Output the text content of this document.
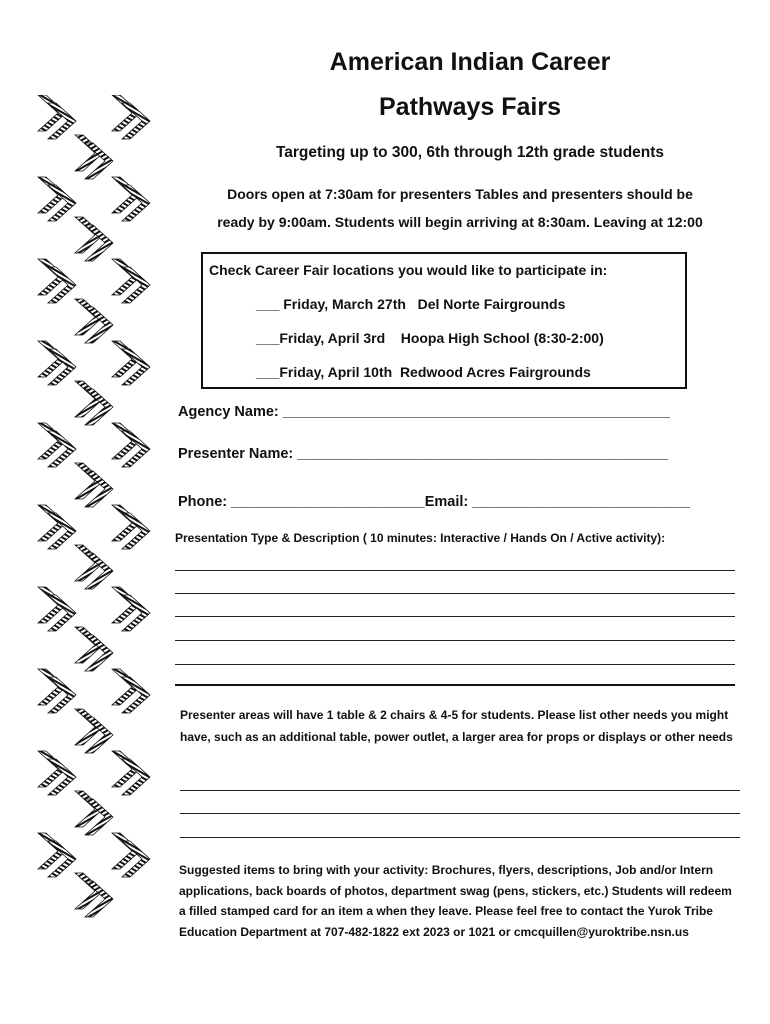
American Indian Career
Pathways Fairs
Targeting up to 300, 6th through 12th grade students
Doors open at 7:30am for presenters Tables and presenters should be
ready by 9:00am. Students will begin arriving at 8:30am. Leaving at 12:00
Check Career Fair locations you would like to participate in:
___ Friday, March 27th   Del Norte Fairgrounds
___Friday, April 3rd    Hoopa High School (8:30-2:00)
___Friday, April 10th  Redwood Acres Fairgrounds
Agency Name: ________________________________________________
Presenter Name: ______________________________________________
Phone: ________________________Email: ___________________________
Presentation Type & Description ( 10 minutes: Interactive / Hands On / Active activity):
Presenter areas will have 1 table & 2 chairs & 4-5 for students. Please list other needs you might have, such as an additional table, power outlet, a larger area for props or displays or other needs
Suggested items to bring with your activity: Brochures, flyers, descriptions, Job and/or Intern applications, back boards of photos, department swag (pens, stickers, etc.) Students will redeem a filled stamped card for an item a when they leave. Please feel free to contact the Yurok Tribe Education Department at 707-482-1822 ext 2023 or 1021 or cmcquillen@yuroktribe.nsn.us
